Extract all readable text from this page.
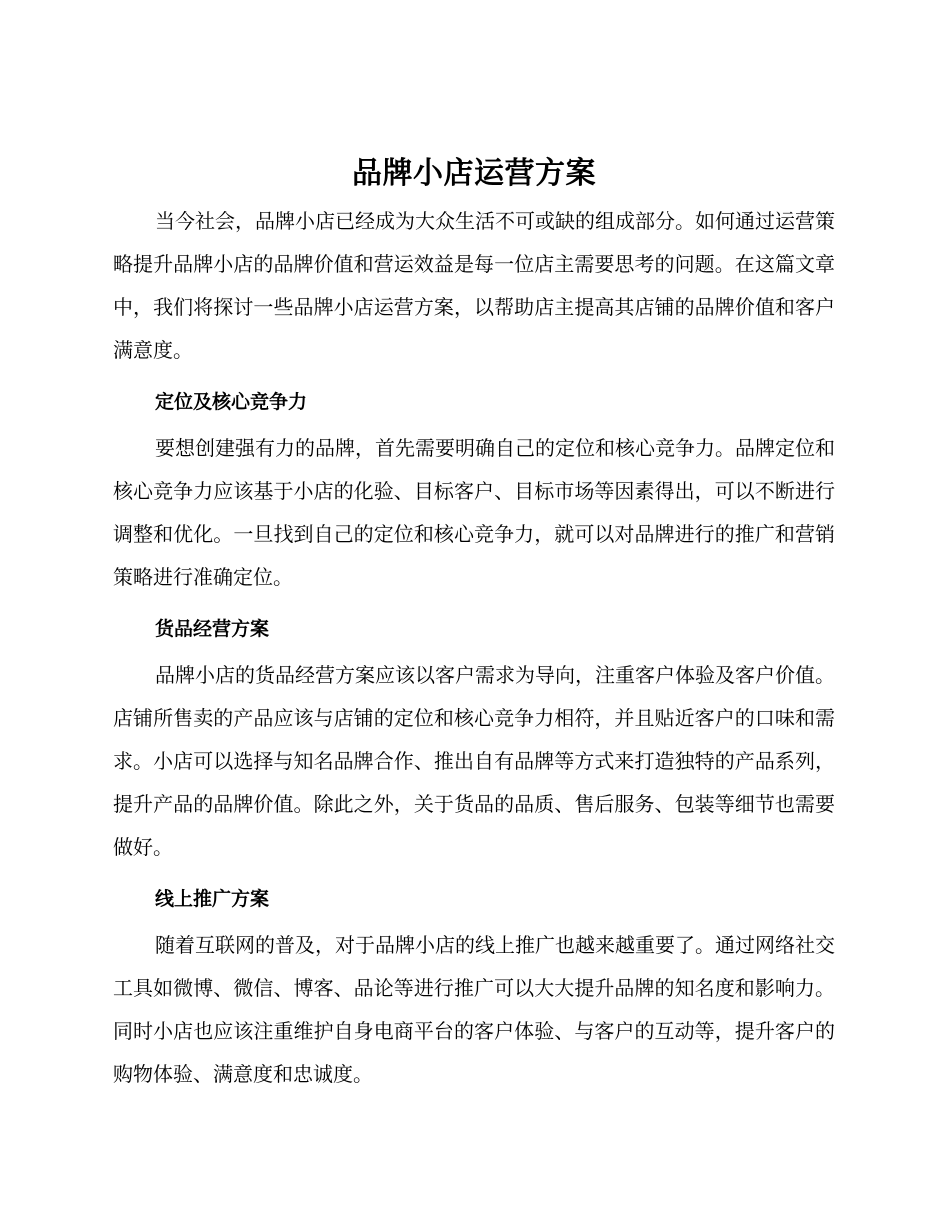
品牌小店运营方案

当今社会，品牌小店已经成为大众生活不可或缺的组成部分。如何通过运营策略提升品牌小店的品牌价值和营运效益是每一位店主需要思考的问题。在这篇文章中，我们将探讨一些品牌小店运营方案，以帮助店主提高其店铺的品牌价值和客户满意度。

定位及核心竞争力

要想创建强有力的品牌，首先需要明确自己的定位和核心竞争力。品牌定位和核心竞争力应该基于小店的化验、目标客户、目标市场等因素得出，可以不断进行调整和优化。一旦找到自己的定位和核心竞争力，就可以对品牌进行的推广和营销策略进行准确定位。

货品经营方案

品牌小店的货品经营方案应该以客户需求为导向，注重客户体验及客户价值。店铺所售卖的产品应该与店铺的定位和核心竞争力相符，并且贴近客户的口味和需求。小店可以选择与知名品牌合作、推出自有品牌等方式来打造独特的产品系列，提升产品的品牌价值。除此之外，关于货品的品质、售后服务、包装等细节也需要做好。

线上推广方案

随着互联网的普及，对于品牌小店的线上推广也越来越重要了。通过网络社交工具如微博、微信、博客、品论等进行推广可以大大提升品牌的知名度和影响力。同时小店也应该注重维护自身电商平台的客户体验、与客户的互动等，提升客户的购物体验、满意度和忠诚度。
